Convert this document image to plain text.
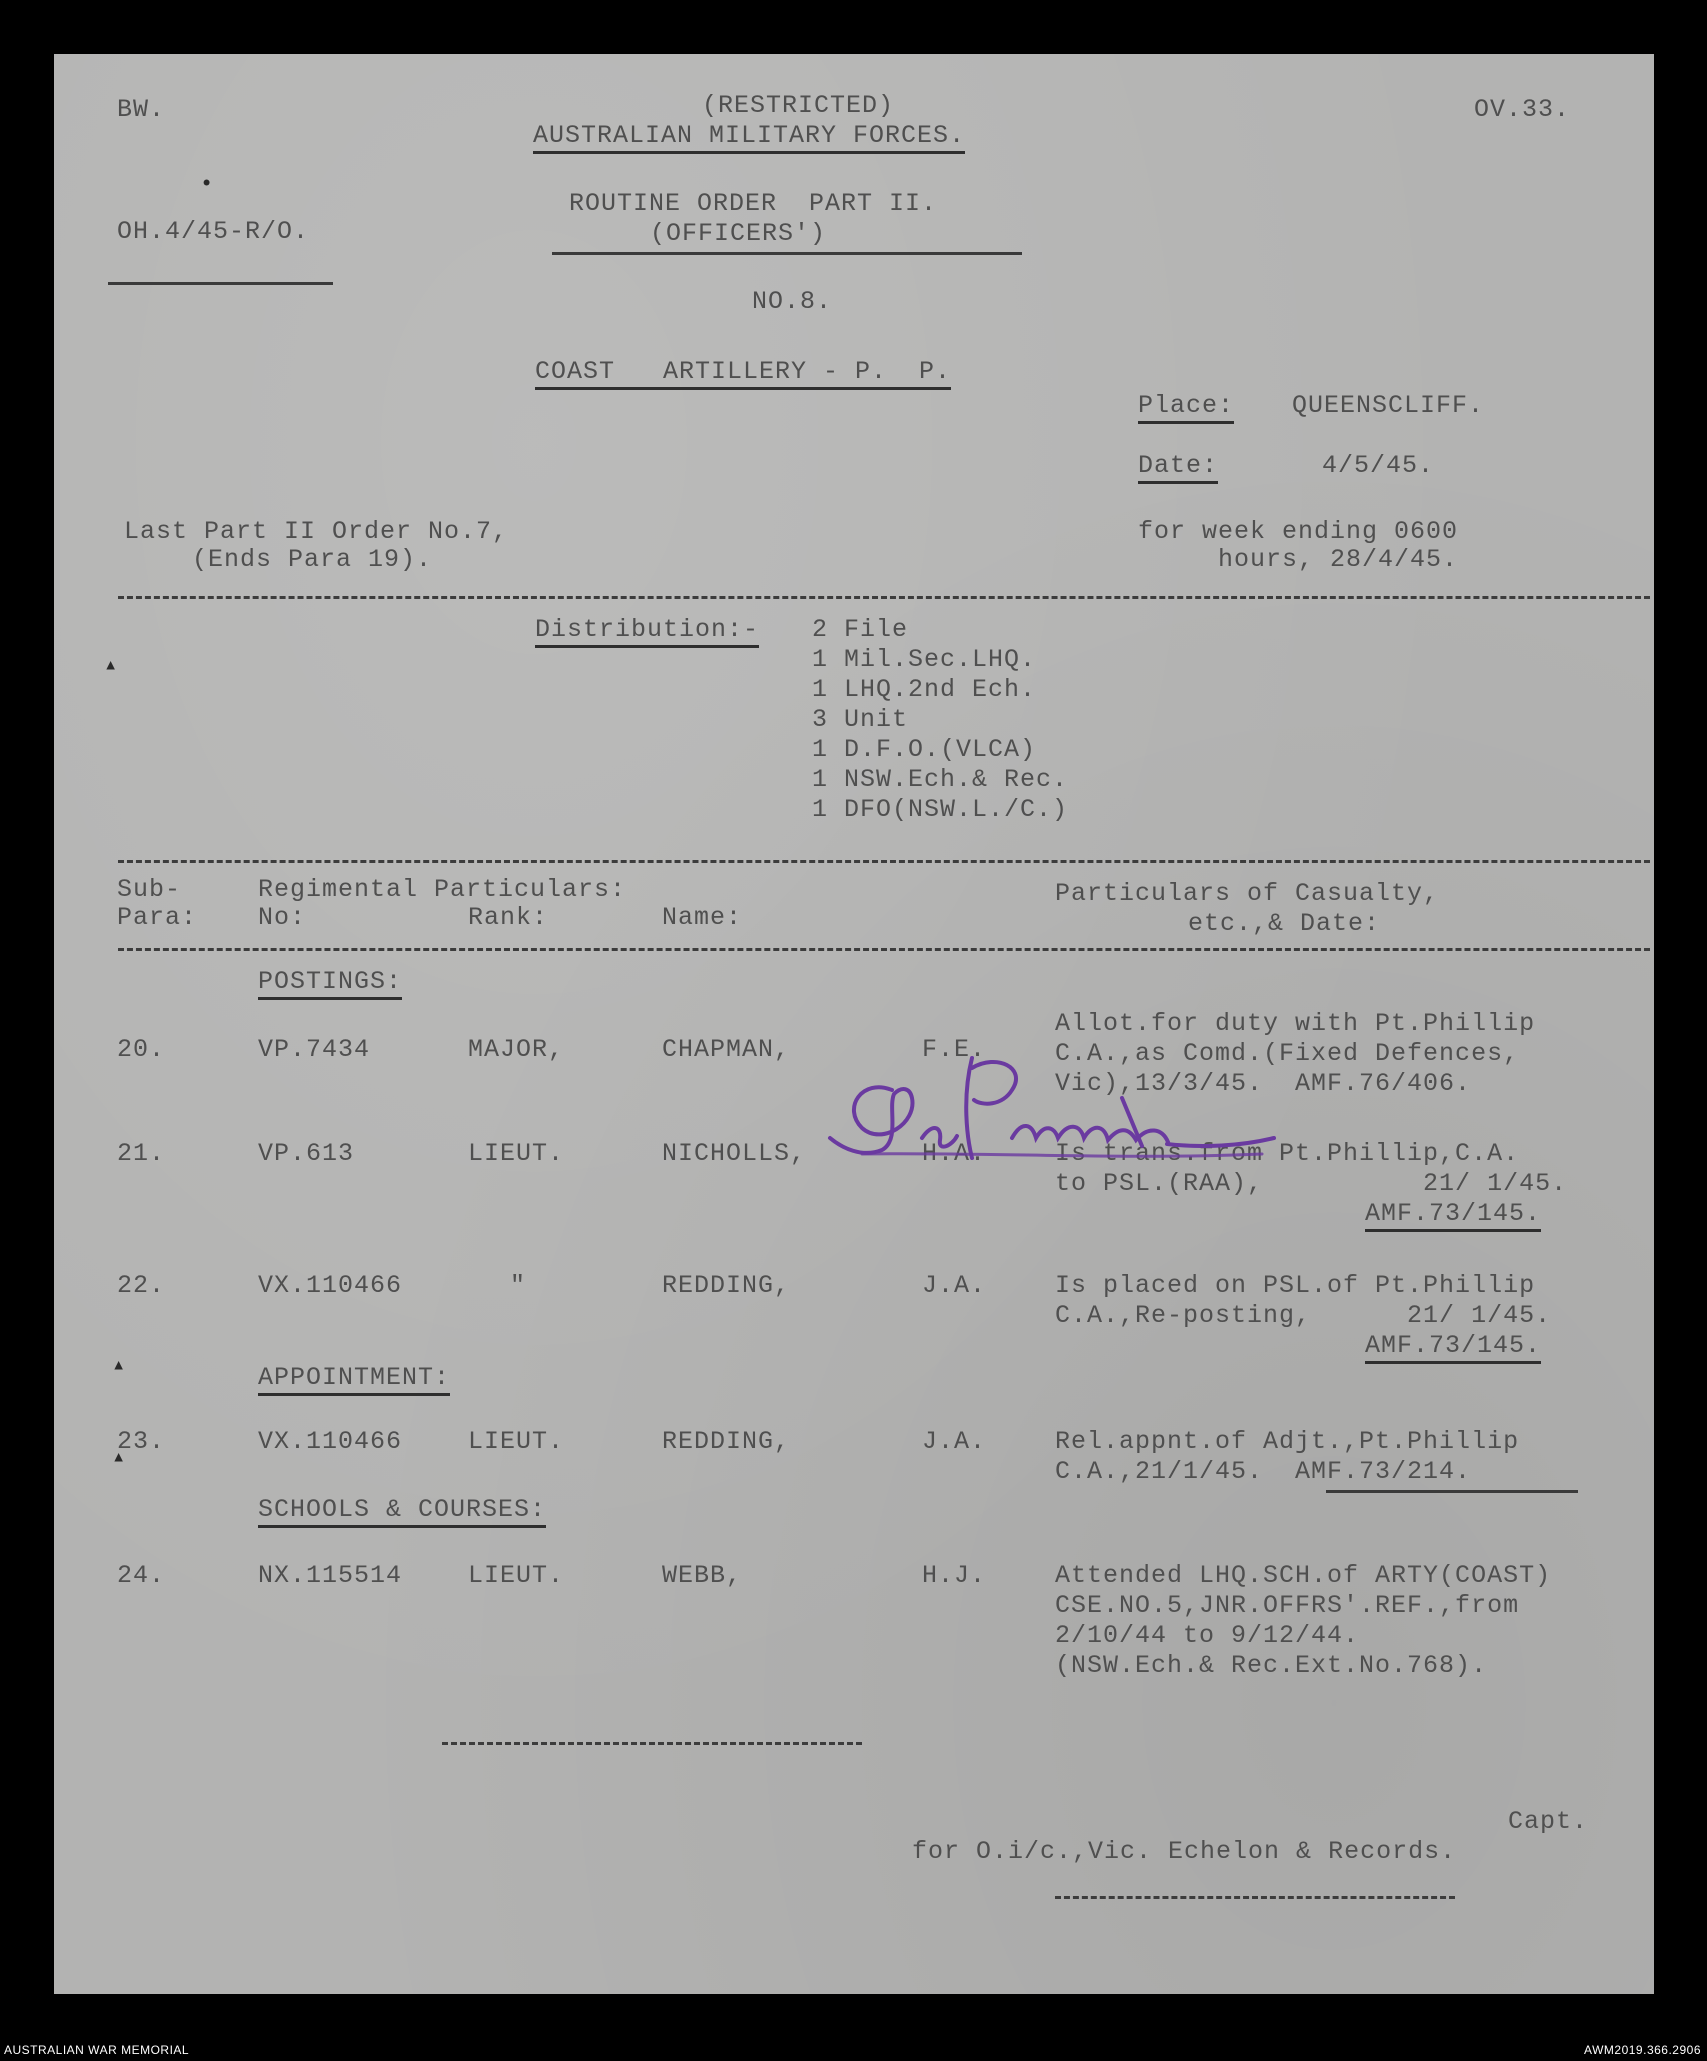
BW.	(RESTRICTED)
AUSTRALIAN MILITARY FORCES.
OV.33.
OH.4/45-R/O.
ROUTINE ORDER  PART II.
(OFFICERS')
NO.8.
COAST   ARTILLERY - P.  P.
Place: QUEENSCLIFF.
Date:	4/5/45.
Last Part II Order No.7,
(Ends Para 19).
for week ending 0600
hours, 28/4/45.
Distribution:- 2 File
1 Mil.Sec.LHQ.
1 LHQ.2nd Ech.
3 Unit
1 D.F.O.(VLCA)
1 NSW.Ech.& Rec.
1 DFO(NSW.L./C.)
Sub-
Para:
Regimental Particulars:
No:	Rank:	Name:
Particulars of Casualty,
etc.,& Date:
POSTINGS:
20.	VP.7434	MAJOR,	CHAPMAN,	F.E.
Allot.for duty with Pt.Phillip
C.A.,as Comd.(Fixed Defences,
Vic),13/3/45.  AMF.76/406.
21.	VP.613	LIEUT.	NICHOLLS,	H.A.	Is trans.from Pt.Phillip,C.A.
to PSL.(RAA),          21/ 1/45.
AMF.73/145.
22.	VX.110466	"	REDDING,	J.A.	Is placed on PSL.of Pt.Phillip
C.A.,Re-posting,      21/ 1/45.
AMF.73/145.
APPOINTMENT:
23.	VX.110466	LIEUT.	REDDING,	J.A.	Rel.appnt.of Adjt.,Pt.Phillip
C.A.,21/1/45.  AMF.73/214.
SCHOOLS & COURSES:
24.	NX.115514	LIEUT.	WEBB,	H.J.	Attended LHQ.SCH.of ARTY(COAST)
CSE.NO.5,JNR.OFFRS'.REF.,from
2/10/44 to 9/12/44.
(NSW.Ech.& Rec.Ext.No.768).
Capt.
for O.i/c.,Vic. Echelon & Records.
▴
▴
▴
•
AUSTRALIAN WAR MEMORIAL	AWM2019.366.2906
